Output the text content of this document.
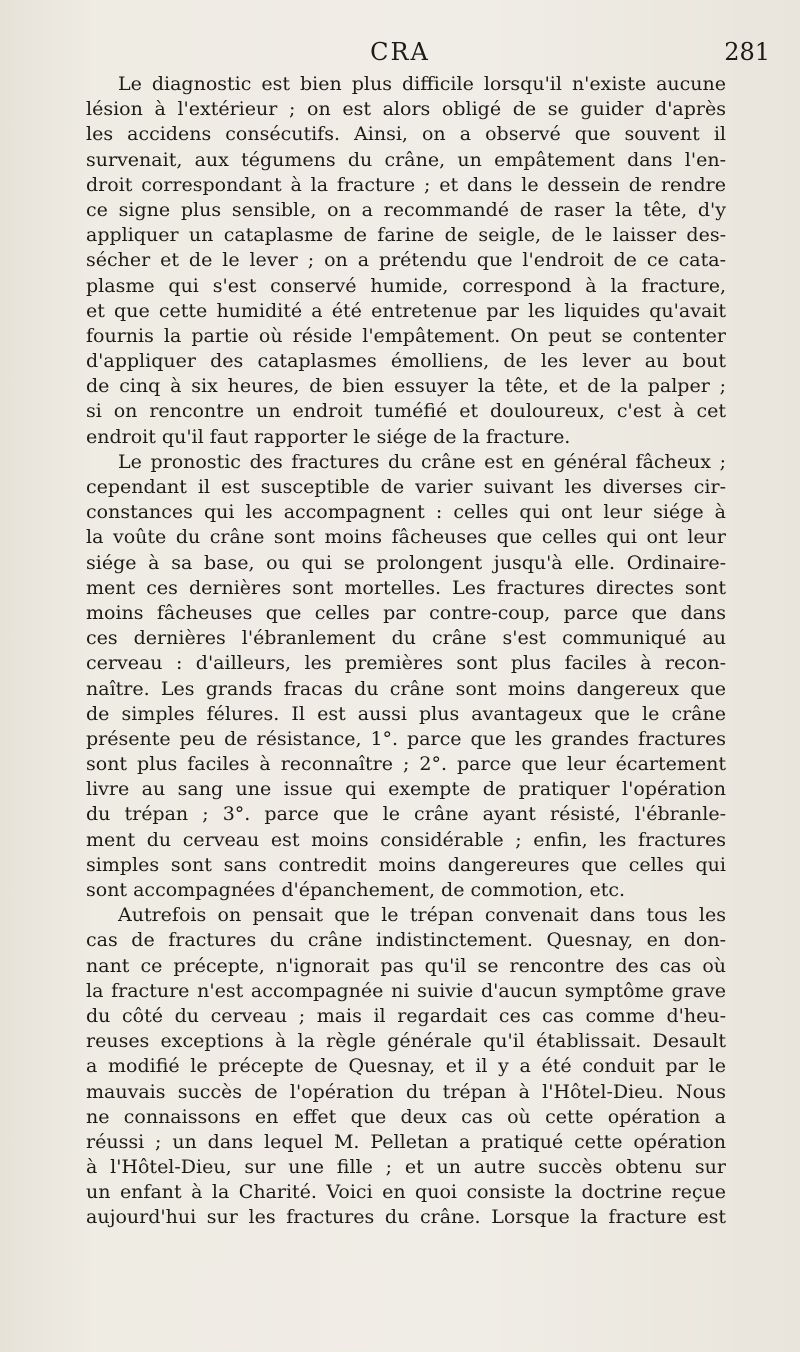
CRA	281
Le diagnostic est bien plus difficile lorsqu'il n'existe aucune
lésion à l'extérieur ; on est alors obligé de se guider d'après
les accidens consécutifs. Ainsi, on a observé que souvent il
survenait, aux tégumens du crâne, un empâtement dans l'en-
droit correspondant à la fracture ; et dans le dessein de rendre
ce signe plus sensible, on a recommandé de raser la tête, d'y
appliquer un cataplasme de farine de seigle, de le laisser des-
sécher et de le lever ; on a prétendu que l'endroit de ce cata-
plasme qui s'est conservé humide, correspond à la fracture,
et que cette humidité a été entretenue par les liquides qu'avait
fournis la partie où réside l'empâtement. On peut se contenter
d'appliquer des cataplasmes émolliens, de les lever au bout
de cinq à six heures, de bien essuyer la tête, et de la palper ;
si on rencontre un endroit tuméfié et douloureux, c'est à cet
endroit qu'il faut rapporter le siége de la fracture.
Le pronostic des fractures du crâne est en général fâcheux ;
cependant il est susceptible de varier suivant les diverses cir-
constances qui les accompagnent : celles qui ont leur siége à
la voûte du crâne sont moins fâcheuses que celles qui ont leur
siége à sa base, ou qui se prolongent jusqu'à elle. Ordinaire-
ment ces dernières sont mortelles. Les fractures directes sont
moins fâcheuses que celles par contre-coup, parce que dans
ces dernières l'ébranlement du crâne s'est communiqué au
cerveau : d'ailleurs, les premières sont plus faciles à recon-
naître. Les grands fracas du crâne sont moins dangereux que
de simples félures. Il est aussi plus avantageux que le crâne
présente peu de résistance, 1°. parce que les grandes fractures
sont plus faciles à reconnaître ; 2°. parce que leur écartement
livre au sang une issue qui exempte de pratiquer l'opération
du trépan ; 3°. parce que le crâne ayant résisté, l'ébranle-
ment du cerveau est moins considérable ; enfin, les fractures
simples sont sans contredit moins dangereures que celles qui
sont accompagnées d'épanchement, de commotion, etc.
Autrefois on pensait que le trépan convenait dans tous les
cas de fractures du crâne indistinctement. Quesnay, en don-
nant ce précepte, n'ignorait pas qu'il se rencontre des cas où
la fracture n'est accompagnée ni suivie d'aucun symptôme grave
du côté du cerveau ; mais il regardait ces cas comme d'heu-
reuses exceptions à la règle générale qu'il établissait. Desault
a modifié le précepte de Quesnay, et il y a été conduit par le
mauvais succès de l'opération du trépan à l'Hôtel-Dieu. Nous
ne connaissons en effet que deux cas où cette opération a
réussi ; un dans lequel M. Pelletan a pratiqué cette opération
à l'Hôtel-Dieu, sur une fille ; et un autre succès obtenu sur
un enfant à la Charité. Voici en quoi consiste la doctrine reçue
aujourd'hui sur les fractures du crâne. Lorsque la fracture est
